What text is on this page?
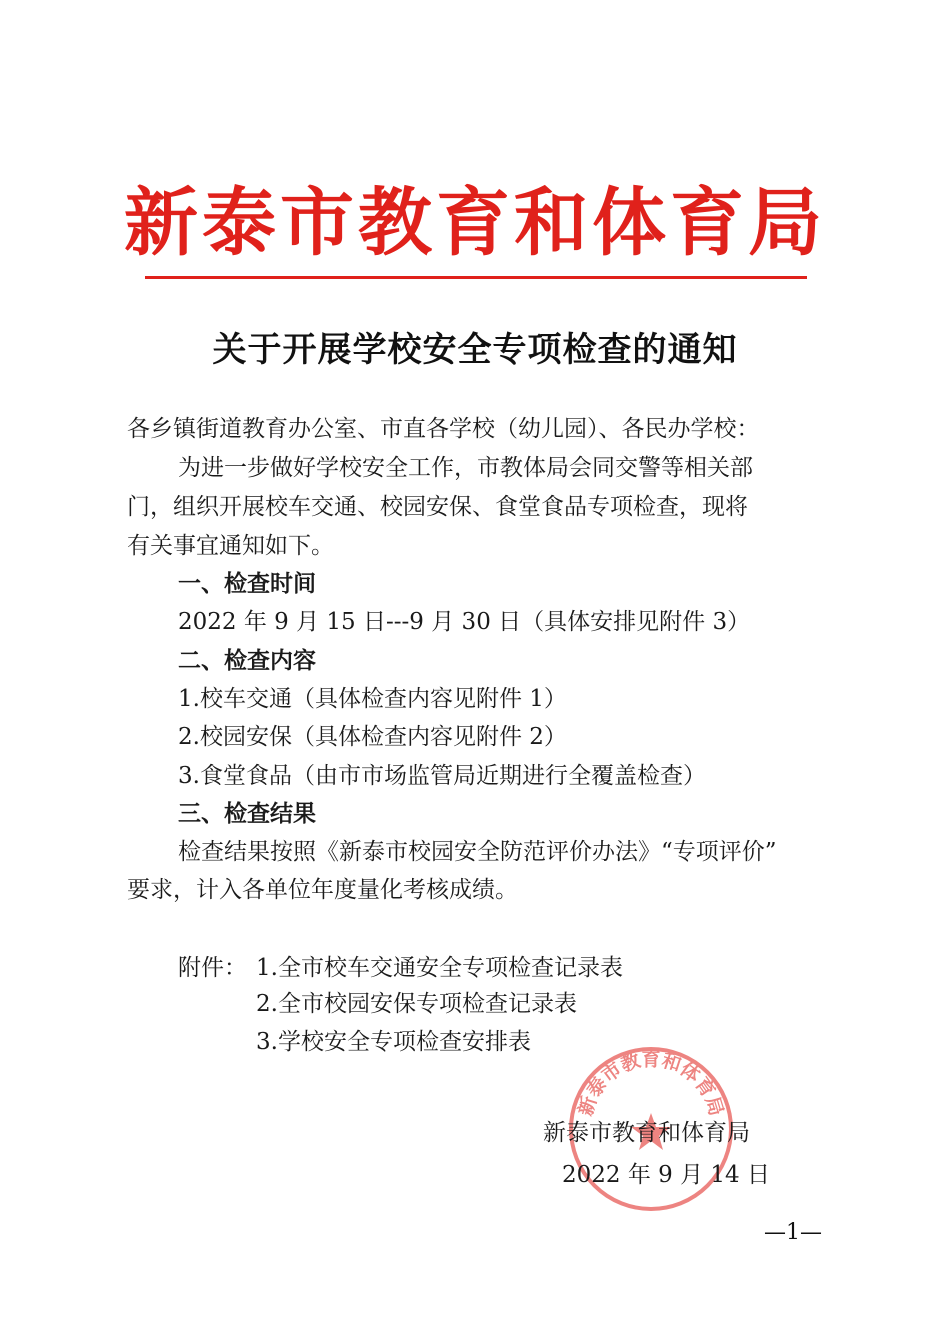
新泰市教育和体育局
关于开展学校安全专项检查的通知
各乡镇街道教育办公室、市直各学校（幼儿园）、各民办学校：
为进一步做好学校安全工作，市教体局会同交警等相关部
门，组织开展校车交通、校园安保、食堂食品专项检查，现将
有关事宜通知如下。
一、检查时间
2022 年 9 月 15 日---9 月 30 日（具体安排见附件 3）
二、检查内容
1.校车交通（具体检查内容见附件 1）
2.校园安保（具体检查内容见附件 2）
3.食堂食品（由市市场监管局近期进行全覆盖检查）
三、检查结果
检查结果按照《新泰市校园安全防范评价办法》“专项评价”
要求，计入各单位年度量化考核成绩。
附件： 1.全市校车交通安全专项检查记录表
2.全市校园安保专项检查记录表
3.学校安全专项检查安排表
新泰市教育和体育局
新泰市教育和体育局
2022 年 9 月 14 日
—1—
